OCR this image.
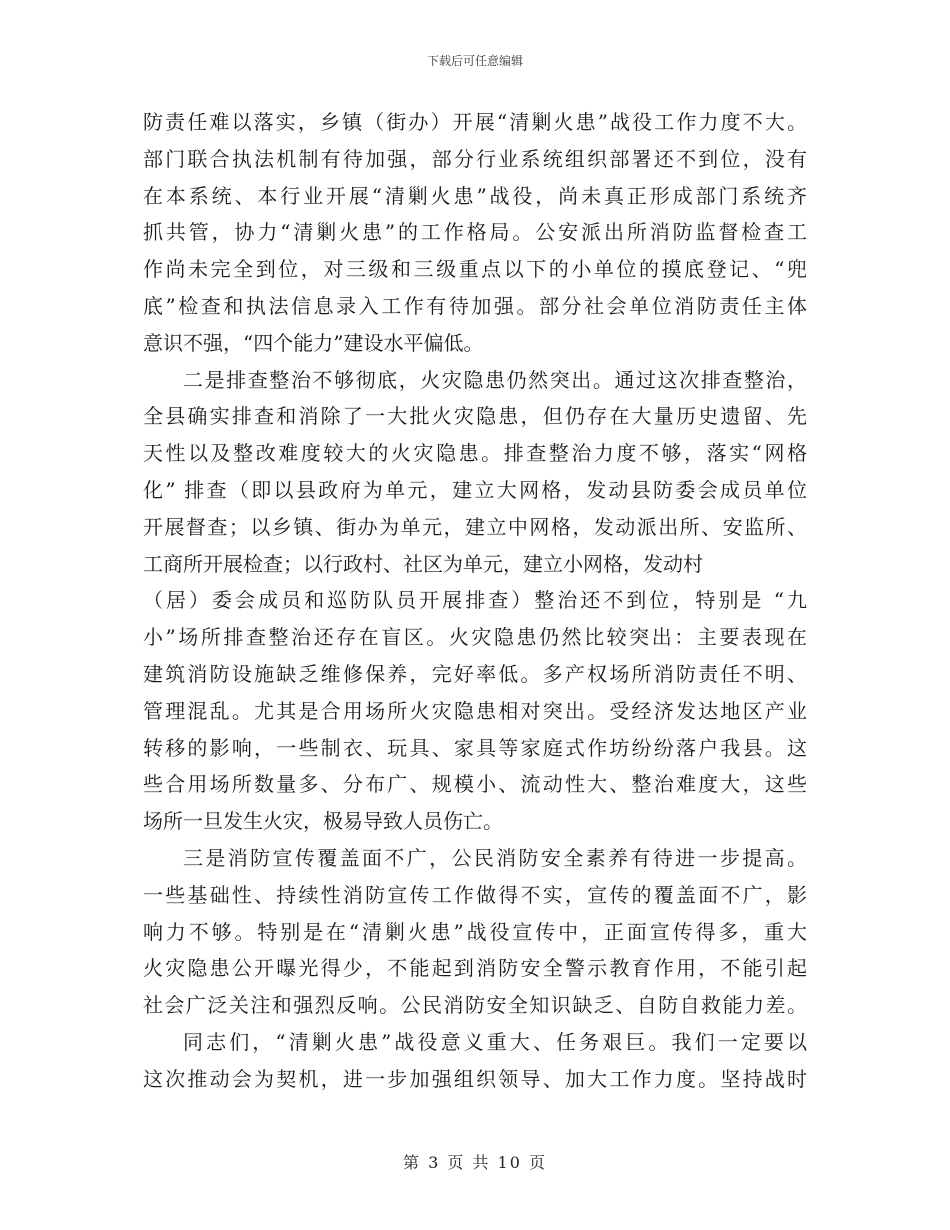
下载后可任意编辑
防责任难以落实，乡镇（街办）开展“清剿火患”战役工作力度不大。
部门联合执法机制有待加强，部分行业系统组织部署还不到位，没有
在本系统、本行业开展“清剿火患”战役，尚未真正形成部门系统齐
抓共管，协力“清剿火患”的工作格局。公安派出所消防监督检查工
作尚未完全到位，对三级和三级重点以下的小单位的摸底登记、“兜
底”检查和执法信息录入工作有待加强。部分社会单位消防责任主体
意识不强，“四个能力”建设水平偏低。
二是排查整治不够彻底，火灾隐患仍然突出。通过这次排查整治，
全县确实排查和消除了一大批火灾隐患，但仍存在大量历史遗留、先
天性以及整改难度较大的火灾隐患。排查整治力度不够，落实“网格
化” 排查（即以县政府为单元，建立大网格，发动县防委会成员单位
开展督查；以乡镇、街办为单元，建立中网格，发动派出所、安监所、
工商所开展检查；以行政村、社区为单元，建立小网格，发动村
（居）委会成员和巡防队员开展排查）整治还不到位，特别是 “九
小”场所排查整治还存在盲区。火灾隐患仍然比较突出：主要表现在
建筑消防设施缺乏维修保养，完好率低。多产权场所消防责任不明、
管理混乱。尤其是合用场所火灾隐患相对突出。受经济发达地区产业
转移的影响，一些制衣、玩具、家具等家庭式作坊纷纷落户我县。这
些合用场所数量多、分布广、规模小、流动性大、整治难度大，这些
场所一旦发生火灾，极易导致人员伤亡。
三是消防宣传覆盖面不广，公民消防安全素养有待进一步提高。
一些基础性、持续性消防宣传工作做得不实，宣传的覆盖面不广，影
响力不够。特别是在“清剿火患”战役宣传中，正面宣传得多，重大
火灾隐患公开曝光得少，不能起到消防安全警示教育作用，不能引起
社会广泛关注和强烈反响。公民消防安全知识缺乏、自防自救能力差。
同志们，“清剿火患”战役意义重大、任务艰巨。我们一定要以
这次推动会为契机，进一步加强组织领导、加大工作力度。坚持战时
第 3 页 共 10 页
